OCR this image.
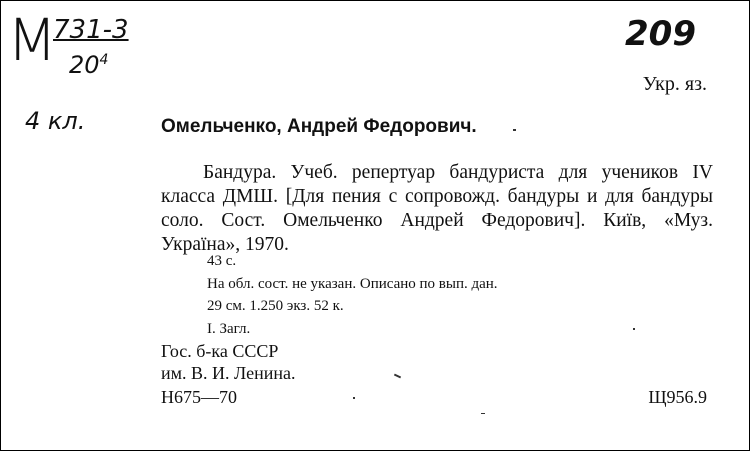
М
731-3
$20^4$
4 кл.
209
Укр. яз.
Омельченко, Андрей Федорович.
Бандура. Учеб. репертуар бандуриста для учеников IV класса ДМШ. [Для пения с сопровожд. бандуры и для бандуры соло. Сост. Омельченко Андрей Федорович]. Київ, «Муз. Україна», 1970.
43 с.
На обл. сост. не указан. Описано по вып. дан.
29 см. 1.250 экз. 52 к.
I. Загл.
Гос. б-ка СССР
им. В. И. Ленина.
Н675—70	Щ956.9
